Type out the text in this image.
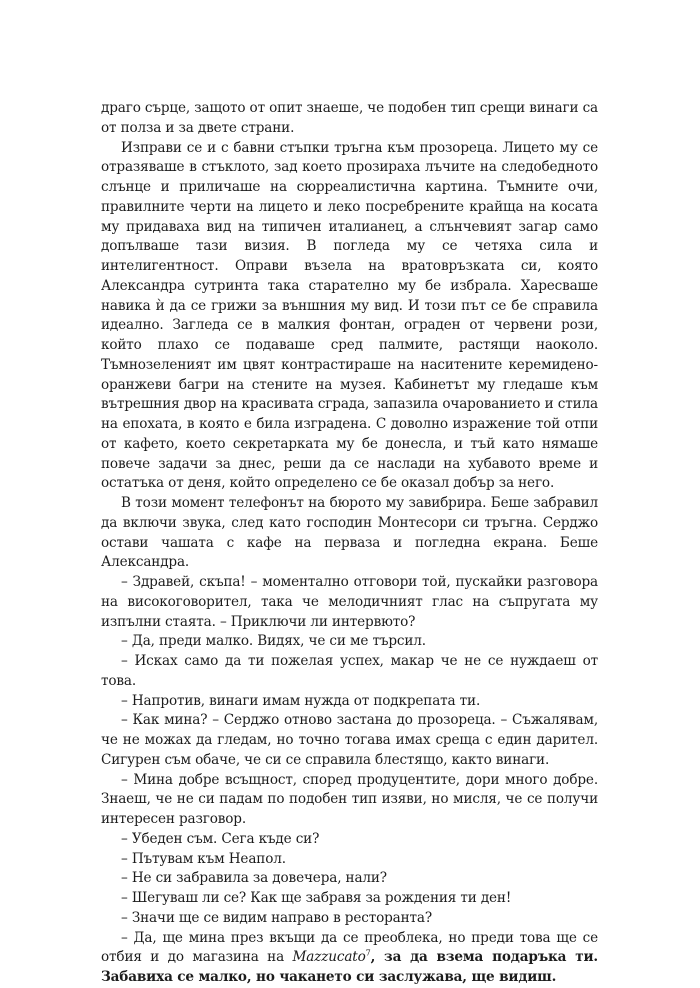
драго сърце, защото от опит знаеше, че подобен тип срещи винаги са от полза и за двете страни.

Изправи се и с бавни стъпки тръгна към прозореца. Лицето му се отразяваше в стъклото, зад което прозираха лъчите на следобедното слънце и приличаше на сюрреалистична картина. Тъмните очи, правилните черти на лицето и леко посребрените крайща на косата му придаваха вид на типичен италианец, а слънчевият загар само допълваше тази визия. В погледа му се четяха сила и интелигентност. Оправи възела на вратовръзката си, която Александра сутринта така старателно му бе избрала. Харесваше навика ѝ да се грижи за външния му вид. И този път се бе справила идеално. Загледа се в малкия фонтан, ограден от червени рози, който плахо се подаваше сред палмите, растящи наоколо. Тъмнозеленият им цвят контрастираше на наситените керемидено-оранжеви багри на стените на музея. Кабинетът му гледаше към вътрешния двор на красивата сграда, запазила очарованието и стила на епохата, в която е била изградена. С доволно изражение той отпи от кафето, което секретарката му бе донесла, и тъй като нямаше повече задачи за днес, реши да се наслади на хубавото време и остатъка от деня, който определено се бе оказал добър за него.

В този момент телефонът на бюрото му завибрира. Беше забравил да включи звука, след като господин Монтесори си тръгна. Серджо остави чашата с кафе на перваза и погледна екрана. Беше Александра.

– Здравей, скъпа! – моментално отговори той, пускайки разговора на високоговорител, така че мелодичният глас на съпругата му изпълни стаята. – Приключи ли интервюто?

– Да, преди малко. Видях, че си ме търсил.

– Исках само да ти пожелая успех, макар че не се нуждаеш от това.

– Напротив, винаги имам нужда от подкрепата ти.

– Как мина? – Серджо отново застана до прозореца. – Съжалявам, че не можах да гледам, но точно тогава имах среща с един дарител. Сигурен съм обаче, че си се справила блестящо, както винаги.

– Мина добре всъщност, според продуцентите, дори много добре. Знаеш, че не си падам по подобен тип изяви, но мисля, че се получи интересен разговор.

– Убеден съм. Сега къде си?

– Пътувам към Неапол.

– Не си забравила за довечера, нали?

– Шегуваш ли се? Как ще забравя за рождения ти ден!

– Значи ще се видим направо в ресторанта?

– Да, ще мина през вкъщи да се преоблека, но преди това ще се отбия и до магазина на Mazzucato$^7$, за да взема подаръка ти. Забавиха се малко, но чакането си заслужава, ще видиш.
